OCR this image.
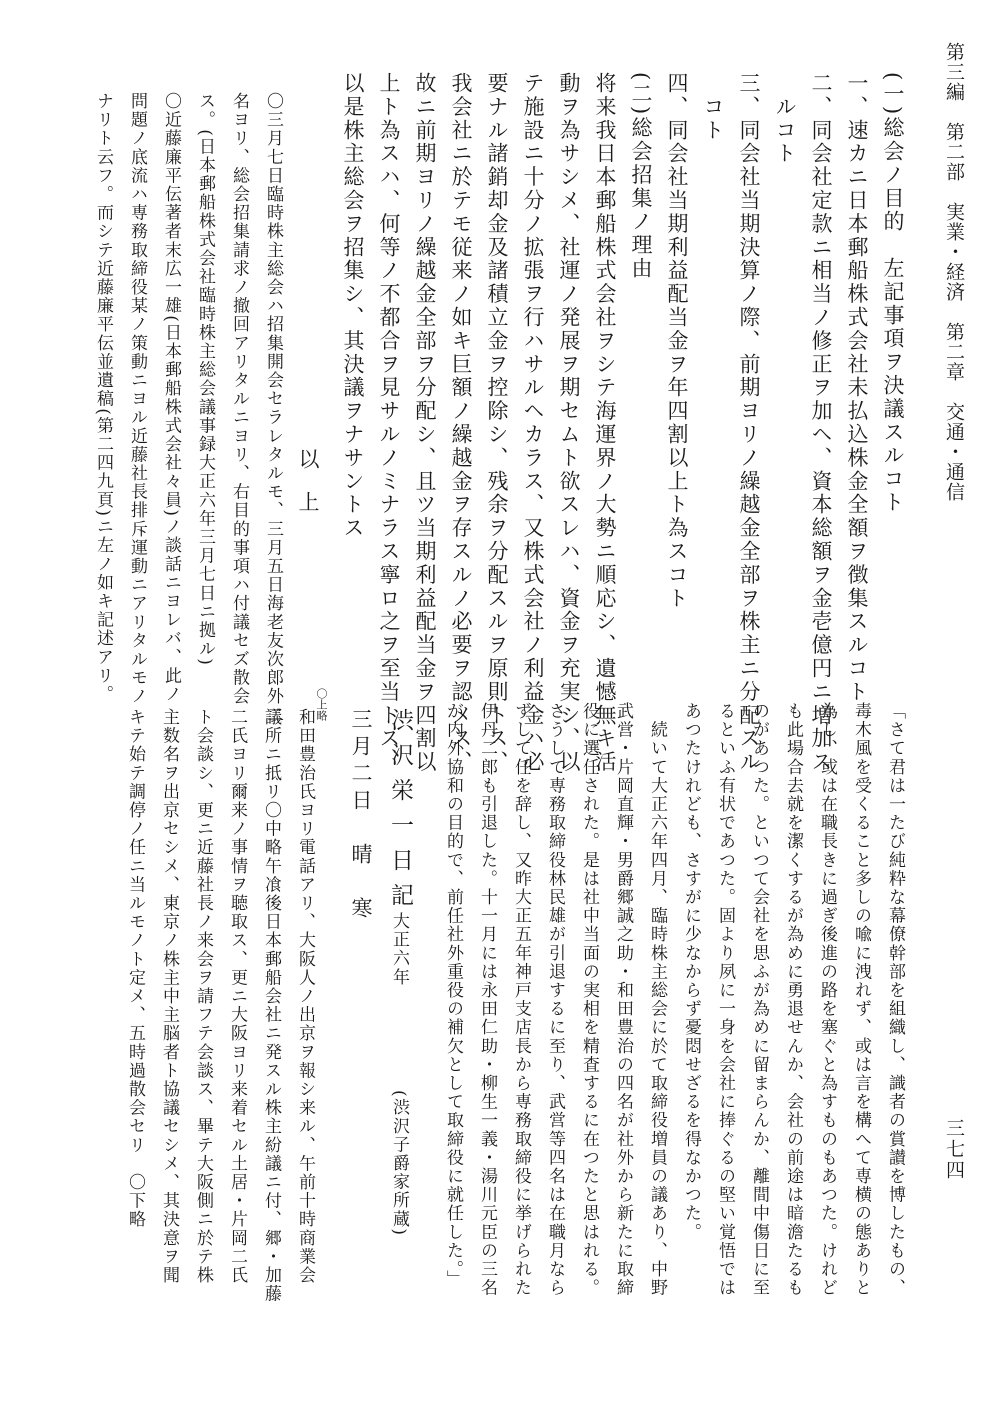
第三編　第二部　実業・経済　第二章　交通・通信
三七四
(一)総会ノ目的　左記事項ヲ決議スルコト
一、速カニ日本郵船株式会社未払込株金全額ヲ徴集スルコト
二、同会社定款ニ相当ノ修正ヲ加ヘ、資本総額ヲ金壱億円ニ増加ス
　ルコト
三、同会社当期決算ノ際、前期ヨリノ繰越金全部ヲ株主ニ分配スル
　コト
四、同会社当期利益配当金ヲ年四割以上ト為スコト
(二)総会招集ノ理由
将来我日本郵船株式会社ヲシテ海運界ノ大勢ニ順応シ、遺憾無キ活
動ヲ為サシメ、社運ノ発展ヲ期セムト欲スレハ、資金ヲ充実シ、以
テ施設ニ十分ノ拡張ヲ行ハサルヘカラス、又株式会社ノ利益金ハ必
要ナル諸銷却金及諸積立金ヲ控除シ、残余ヲ分配スルヲ原則トス、
我会社ニ於テモ従来ノ如キ巨額ノ繰越金ヲ存スルノ必要ヲ認メス、
故ニ前期ヨリノ繰越金全部ヲ分配シ、且ツ当期利益配当金ヲ四割以
上ト為スハ、何等ノ不都合ヲ見サルノミナラス寧ロ之ヲ至当トス、
以是株主総会ヲ招集シ、其決議ヲナサントス
以上
〇三月七日臨時株主総会ハ招集開会セラレタルモ、三月五日海老友次郎外二
名ヨリ、総会招集請求ノ撤回アリタルニヨリ、右目的事項ハ付議セズ散会
ス。(日本郵船株式会社臨時株主総会議事録大正六年三月七日ニ拠ル)
〇近藤廉平伝著者末広一雄(日本郵船株式会社々員)ノ談話ニヨレバ、此ノ
問題ノ底流ハ専務取締役某ノ策動ニヨル近藤社長排斥運動ニアリタルモノ
ナリト云フ。而シテ近藤廉平伝並遺稿(第二四九頁)ニ左ノ如キ記述アリ。
「さて君は一たび純粋な幕僚幹部を組織し、識者の賞讃を博したもの、
毒木風を受くること多しの喩に洩れず、或は言を構へて専横の態ありと
為し、或は在職長きに過ぎ後進の路を塞ぐと為すものもあつた。けれど
も此場合去就を潔くするが為めに勇退せんか、会社の前途は暗澹たるも
のがあつた。といつて会社を思ふが為めに留まらんか、離間中傷日に至
るといふ有状であつた。固より夙に一身を会社に捧ぐるの堅い覚悟では
あつたけれども、さすがに少なからず憂悶せざるを得なかつた。
　続いて大正六年四月、臨時株主総会に於て取締役増員の議あり、中野
武営・片岡直輝・男爵郷誠之助・和田豊治の四名が社外から新たに取締
役に選任された。是は社中当面の実相を精査するに在つたと思はれる。
さうして専務取締役林民雄が引退するに至り、武営等四名は在職月なら
ずして任を辞し、又昨大正五年神戸支店長から専務取締役に挙げられた
伊丹二郎も引退した。十一月には永田仁助・柳生一義・湯川元臣の三名
が内外協和の目的で、前任社外重役の補欠として取締役に就任した。」
渋沢栄一日記
大正六年
(渋沢子爵家所蔵)
〇上略
三月二日　晴　寒
和田豊治氏ヨリ電話アリ、大阪人ノ出京ヲ報シ来ル、午前十時商業会
議所ニ抵リ〇中略午飡後日本郵船会社ニ発スル株主紛議ニ付、郷・加藤
二氏ヨリ爾来ノ事情ヲ聴取ス、更ニ大阪ヨリ来着セル土居・片岡二氏
ト会談シ、更ニ近藤社長ノ来会ヲ請フテ会談ス、畢テ大阪側ニ於テ株
主数名ヲ出京セシメ、東京ノ株主中主脳者ト協議セシメ、其決意ヲ聞
キテ始テ調停ノ任ニ当ルモノト定メ、五時過散会セリ　〇下略
